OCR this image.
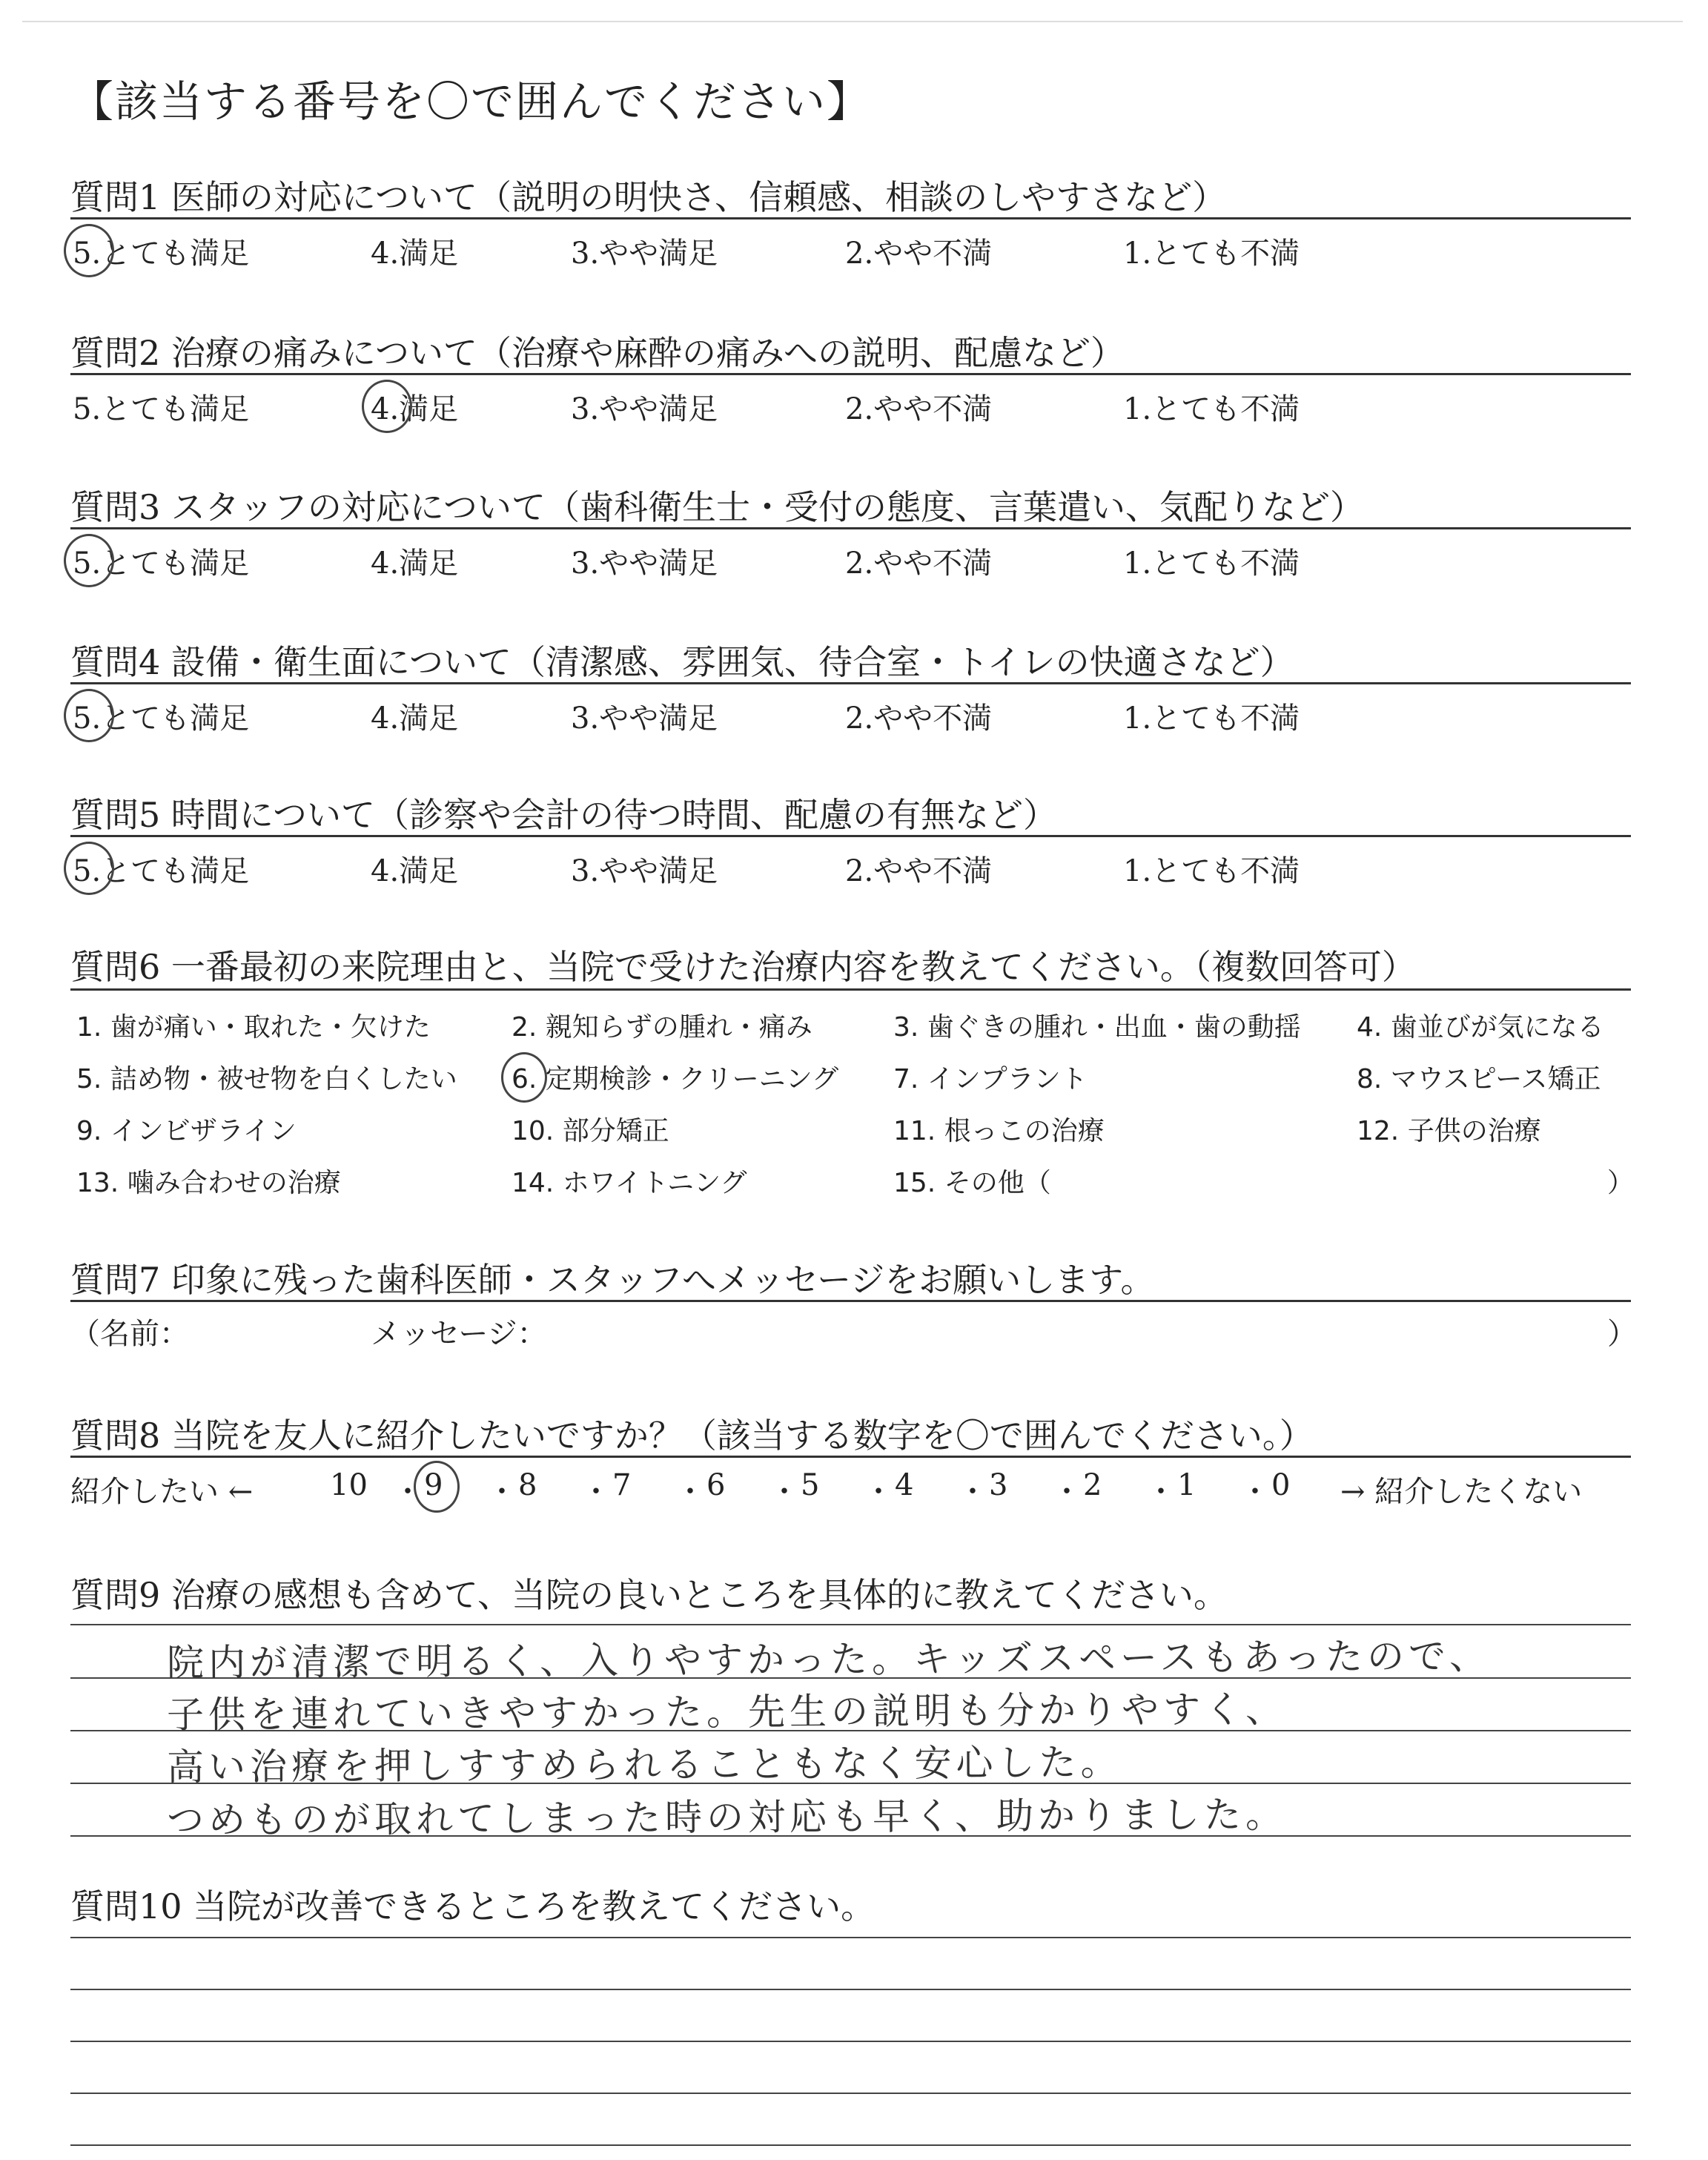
【該当する番号を〇で囲んでください】
質問1 医師の対応について（説明の明快さ、信頼感、相談のしやすさなど）
5.とても満足	4.満足	3.やや満足	2.やや不満	1.とても不満
質問2 治療の痛みについて（治療や麻酔の痛みへの説明、配慮など）
5.とても満足	4.満足	3.やや満足	2.やや不満	1.とても不満
質問3 スタッフの対応について（歯科衛生士・受付の態度、言葉遣い、気配りなど）
5.とても満足	4.満足	3.やや満足	2.やや不満	1.とても不満
質問4 設備・衛生面について（清潔感、雰囲気、待合室・トイレの快適さなど）
5.とても満足	4.満足	3.やや満足	2.やや不満	1.とても不満
質問5 時間について（診察や会計の待つ時間、配慮の有無など）
5.とても満足	4.満足	3.やや満足	2.やや不満	1.とても不満
質問6 一番最初の来院理由と、当院で受けた治療内容を教えてください。（複数回答可）
1. 歯が痛い・取れた・欠けた	2. 親知らずの腫れ・痛み	3. 歯ぐきの腫れ・出血・歯の動揺 4. 歯並びが気になる
5. 詰め物・被せ物を白くしたい 6. 定期検診・クリーニング 7. インプラント	8. マウスピース矯正
9. インビザライン	10. 部分矯正	11. 根っこの治療	12. 子供の治療
13. 噛み合わせの治療	14. ホワイトニング	15. その他（	）
質問7 印象に残った歯科医師・スタッフへメッセージをお願いします。
（名前：	メッセージ：	）
質問8 当院を友人に紹介したいですか？（該当する数字を〇で囲んでください。）
紹介したい ←	→ 紹介したくない
10 ・ 9 ・ 8 ・ 7 ・ 6 ・ 5 ・ 4 ・ 3 ・ 2 ・ 1 ・ 0
質問9 治療の感想も含めて、当院の良いところを具体的に教えてください。
院内が清潔で明るく、入りやすかった。キッズスペースもあったので、
子供を連れていきやすかった。先生の説明も分かりやすく、
高い治療を押しすすめられることもなく安心した。
つめものが取れてしまった時の対応も早く、助かりました。
質問10 当院が改善できるところを教えてください。
